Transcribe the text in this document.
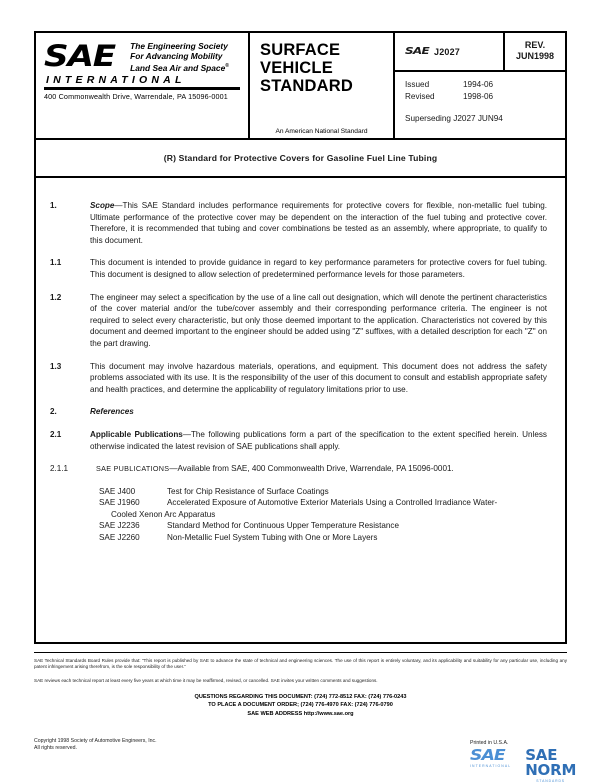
SAE The Engineering Society
For Advancing Mobility
Land Sea Air and Space®
INTERNATIONAL
400 Commonwealth Drive, Warrendale, PA 15096-0001
SURFACE
VEHICLE
STANDARD
An American National Standard
SAE J2027
REV.
JUN1998
Issued	1994-06
Revised	1998-06
Superseding J2027 JUN94
(R) Standard for Protective Covers for Gasoline Fuel Line Tubing
1.	Scope—This SAE Standard includes performance requirements for protective covers for flexible, non-metallic fuel tubing. Ultimate performance of the protective cover may be dependent on the interaction of the fuel tubing and protective cover. Therefore, it is recommended that tubing and cover combinations be tested as an assembly, where appropriate, to qualify to this document.
1.1	This document is intended to provide guidance in regard to key performance parameters for protective covers for fuel tubing. This document is designed to allow selection of predetermined performance levels for those parameters.
1.2	The engineer may select a specification by the use of a line call out designation, which will denote the pertinent characteristics of the cover material and/or the tube/cover assembly and their corresponding performance criteria. The engineer is not required to select every characteristic, but only those deemed important to the application. Characteristics not covered by this document and deemed important to the engineer should be added using "Z" suffixes, with a detailed description for each "Z" on the part drawing.
1.3	This document may involve hazardous materials, operations, and equipment. This document does not address the safety problems associated with its use. It is the responsibility of the user of this document to consult and establish appropriate safety and health practices, and determine the applicability of regulatory limitations prior to use.
2.	References
2.1	Applicable Publications—The following publications form a part of the specification to the extent specified herein. Unless otherwise indicated the latest revision of SAE publications shall apply.
2.1.1	SAE PUBLICATIONS—Available from SAE, 400 Commonwealth Drive, Warrendale, PA 15096-0001.
SAE J400	Test for Chip Resistance of Surface Coatings
SAE J1960	Accelerated Exposure of Automotive Exterior Materials Using a Controlled Irradiance Water-
Cooled Xenon Arc Apparatus
SAE J2236	Standard Method for Continuous Upper Temperature Resistance
SAE J2260	Non-Metallic Fuel System Tubing with One or More Layers
SAE Technical Standards Board Rules provide that: “This report is published by SAE to advance the state of technical and engineering sciences. The use of this report is entirely voluntary, and its applicability and suitability for any particular use, including any patent infringement arising therefrom, is the sole responsibility of the user.”
SAE reviews each technical report at least every five years at which time it may be reaffirmed, revised, or cancelled. SAE invites your written comments and suggestions.
QUESTIONS REGARDING THIS DOCUMENT: (724) 772-8512 FAX: (724) 776-0243
TO PLACE A DOCUMENT ORDER; (724) 776-4970 FAX: (724) 776-0790
SAE WEB ADDRESS http://www.sae.org
Copyright 1998 Society of Automotive Engineers, Inc.
All rights reserved.
Printed in U.S.A.
SAE
INTERNATIONAL
SAE NORM
STANDARDS
